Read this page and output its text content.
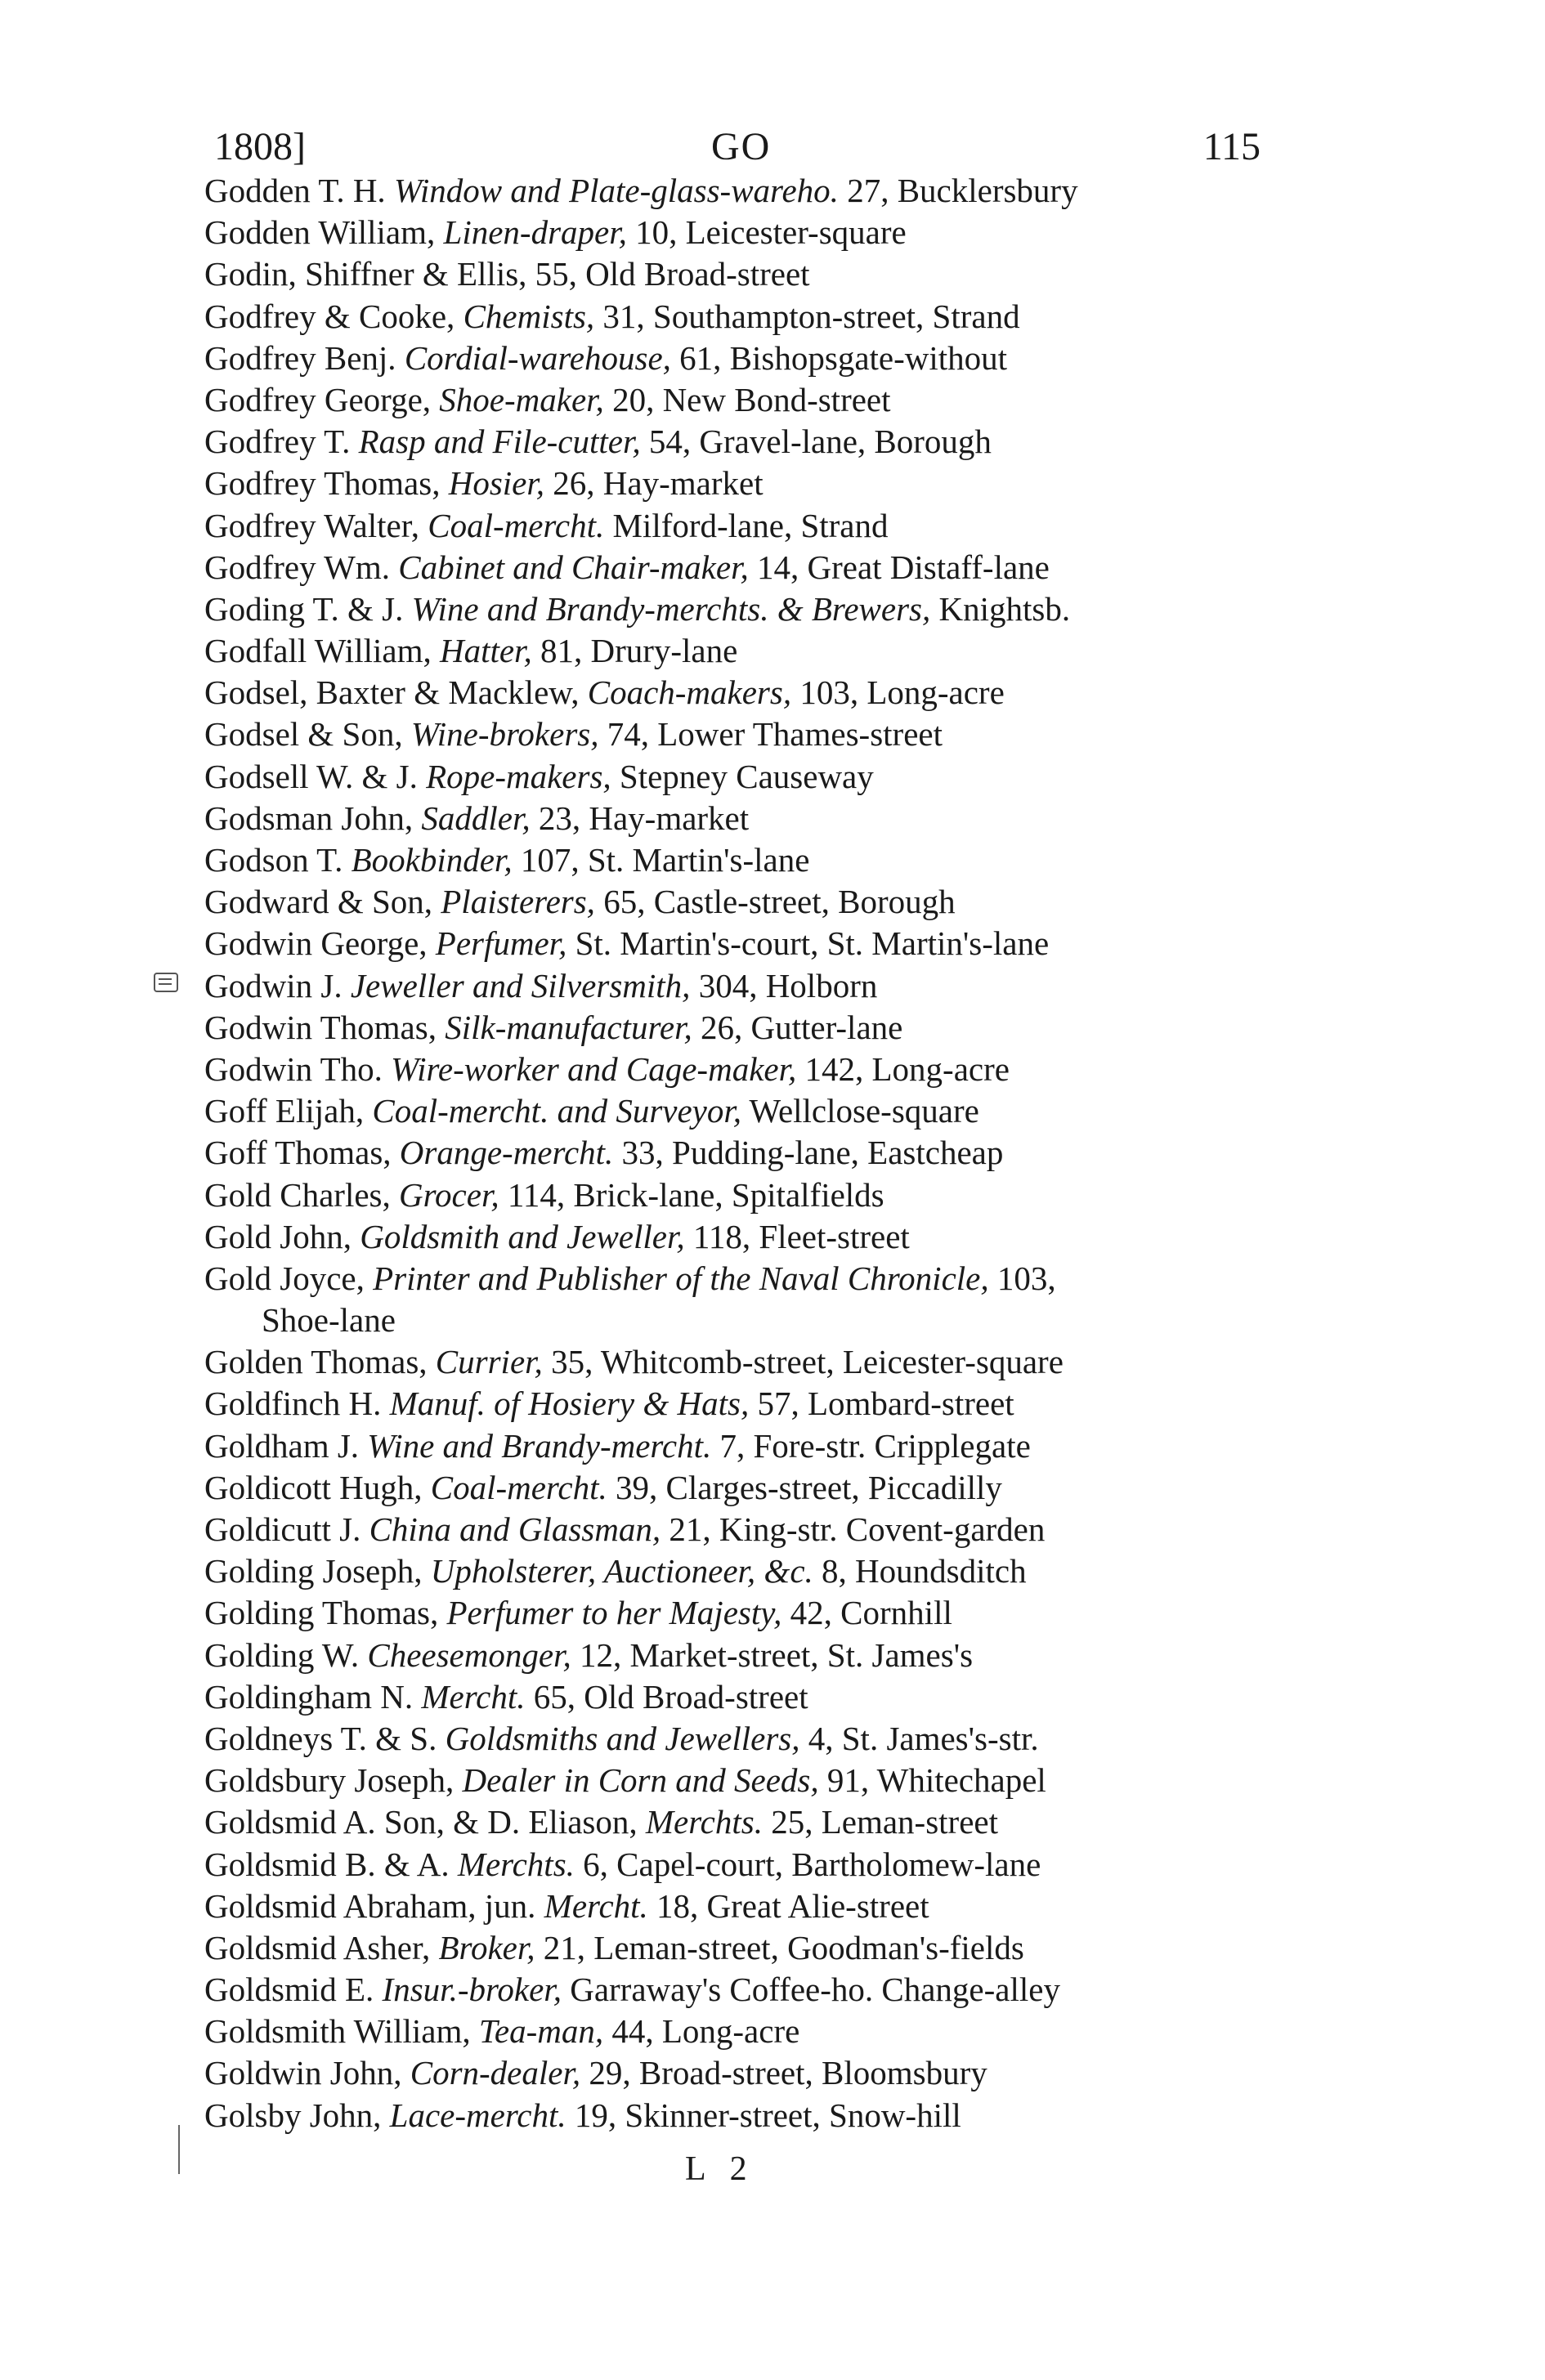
1808]	GO	115
Godden T. H. Window and Plate-glass-wareho. 27, Bucklersbury
Godden William, Linen-draper, 10, Leicester-square
Godin, Shiffner & Ellis, 55, Old Broad-street
Godfrey & Cooke, Chemists, 31, Southampton-street, Strand
Godfrey Benj. Cordial-warehouse, 61, Bishopsgate-without
Godfrey George, Shoe-maker, 20, New Bond-street
Godfrey T. Rasp and File-cutter, 54, Gravel-lane, Borough
Godfrey Thomas, Hosier, 26, Hay-market
Godfrey Walter, Coal-mercht. Milford-lane, Strand
Godfrey Wm. Cabinet and Chair-maker, 14, Great Distaff-lane
Goding T. & J. Wine and Brandy-merchts. & Brewers, Knightsb.
Godfall William, Hatter, 81, Drury-lane
Godsel, Baxter & Macklew, Coach-makers, 103, Long-acre
Godsel & Son, Wine-brokers, 74, Lower Thames-street
Godsell W. & J. Rope-makers, Stepney Causeway
Godsman John, Saddler, 23, Hay-market
Godson T. Bookbinder, 107, St. Martin's-lane
Godward & Son, Plaisterers, 65, Castle-street, Borough
Godwin George, Perfumer, St. Martin's-court, St. Martin's-lane
Godwin J. Jeweller and Silversmith, 304, Holborn
Godwin Thomas, Silk-manufacturer, 26, Gutter-lane
Godwin Tho. Wire-worker and Cage-maker, 142, Long-acre
Goff Elijah, Coal-mercht. and Surveyor, Wellclose-square
Goff Thomas, Orange-mercht. 33, Pudding-lane, Eastcheap
Gold Charles, Grocer, 114, Brick-lane, Spitalfields
Gold John, Goldsmith and Jeweller, 118, Fleet-street
Gold Joyce, Printer and Publisher of the Naval Chronicle, 103,
Shoe-lane
Golden Thomas, Currier, 35, Whitcomb-street, Leicester-square
Goldfinch H. Manuf. of Hosiery & Hats, 57, Lombard-street
Goldham J. Wine and Brandy-mercht. 7, Fore-str. Cripplegate
Goldicott Hugh, Coal-mercht. 39, Clarges-street, Piccadilly
Goldicutt J. China and Glassman, 21, King-str. Covent-garden
Golding Joseph, Upholsterer, Auctioneer, &c. 8, Houndsditch
Golding Thomas, Perfumer to her Majesty, 42, Cornhill
Golding W. Cheesemonger, 12, Market-street, St. James's
Goldingham N. Mercht. 65, Old Broad-street
Goldneys T. & S. Goldsmiths and Jewellers, 4, St. James's-str.
Goldsbury Joseph, Dealer in Corn and Seeds, 91, Whitechapel
Goldsmid A. Son, & D. Eliason, Merchts. 25, Leman-street
Goldsmid B. & A. Merchts. 6, Capel-court, Bartholomew-lane
Goldsmid Abraham, jun. Mercht. 18, Great Alie-street
Goldsmid Asher, Broker, 21, Leman-street, Goodman's-fields
Goldsmid E. Insur.-broker, Garraway's Coffee-ho. Change-alley
Goldsmith William, Tea-man, 44, Long-acre
Goldwin John, Corn-dealer, 29, Broad-street, Bloomsbury
Golsby John, Lace-mercht. 19, Skinner-street, Snow-hill
L 2
